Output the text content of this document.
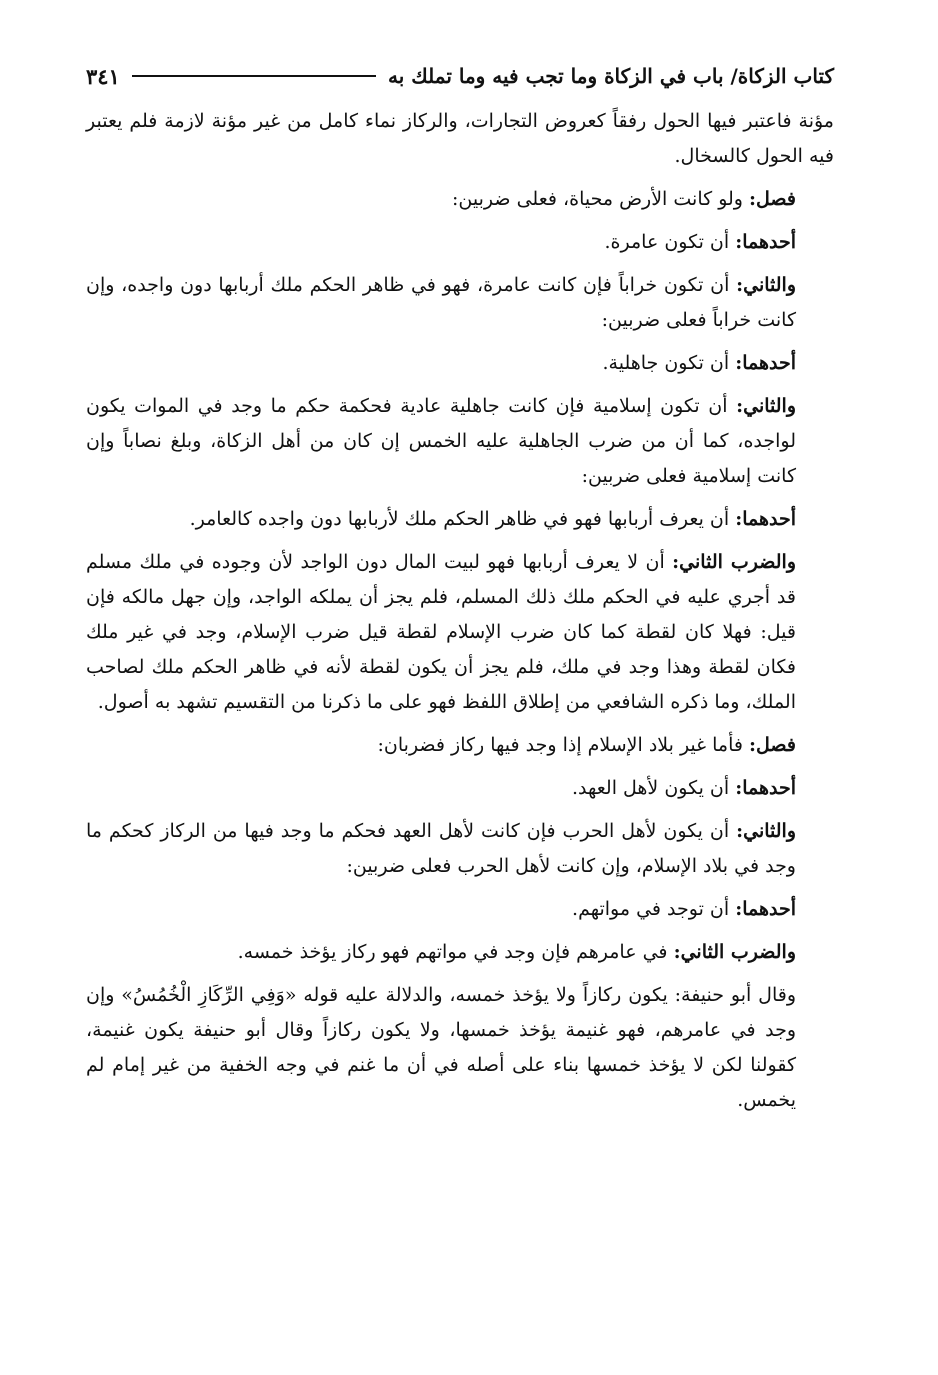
كتاب الزكاة/ باب في الزكاة وما تجب فيه وما تملك به
٣٤١

مؤنة فاعتبر فيها الحول رفقاً كعروض التجارات، والركاز نماء كامل من غير مؤنة لازمة فلم يعتبر فيه الحول كالسخال.

فصل: ولو كانت الأرض محياة، فعلى ضربين:

أحدهما: أن تكون عامرة.

والثاني: أن تكون خراباً فإن كانت عامرة، فهو في ظاهر الحكم ملك أربابها دون واجده، وإن كانت خراباً فعلى ضربين:

أحدهما: أن تكون جاهلية.

والثاني: أن تكون إسلامية فإن كانت جاهلية عادية فحكمة حكم ما وجد في الموات يكون لواجده، كما أن من ضرب الجاهلية عليه الخمس إن كان من أهل الزكاة، وبلغ نصاباً وإن كانت إسلامية فعلى ضربين:

أحدهما: أن يعرف أربابها فهو في ظاهر الحكم ملك لأربابها دون واجده كالعامر.

والضرب الثاني: أن لا يعرف أربابها فهو لبيت المال دون الواجد لأن وجوده في ملك مسلم قد أجري عليه في الحكم ملك ذلك المسلم، فلم يجز أن يملكه الواجد، وإن جهل مالكه فإن قيل: فهلا كان لقطة كما كان ضرب الإسلام لقطة قيل ضرب الإسلام، وجد في غير ملك فكان لقطة وهذا وجد في ملك، فلم يجز أن يكون لقطة لأنه في ظاهر الحكم ملك لصاحب الملك، وما ذكره الشافعي من إطلاق اللفظ فهو على ما ذكرنا من التقسيم تشهد به أصول.

فصل: فأما غير بلاد الإسلام إذا وجد فيها ركاز فضربان:

أحدهما: أن يكون لأهل العهد.

والثاني: أن يكون لأهل الحرب فإن كانت لأهل العهد فحكم ما وجد فيها من الركاز كحكم ما وجد في بلاد الإسلام، وإن كانت لأهل الحرب فعلى ضربين:

أحدهما: أن توجد في مواتهم.

والضرب الثاني: في عامرهم فإن وجد في مواتهم فهو ركاز يؤخذ خمسه.

وقال أبو حنيفة: يكون ركازاً ولا يؤخذ خمسه، والدلالة عليه قوله «وَفِي الرِّكَازِ الْخُمُسُ» وإن وجد في عامرهم، فهو غنيمة يؤخذ خمسها، ولا يكون ركازاً وقال أبو حنيفة يكون غنيمة، كقولنا لكن لا يؤخذ خمسها بناء على أصله في أن ما غنم في وجه الخفية من غير إمام لم يخمس.
